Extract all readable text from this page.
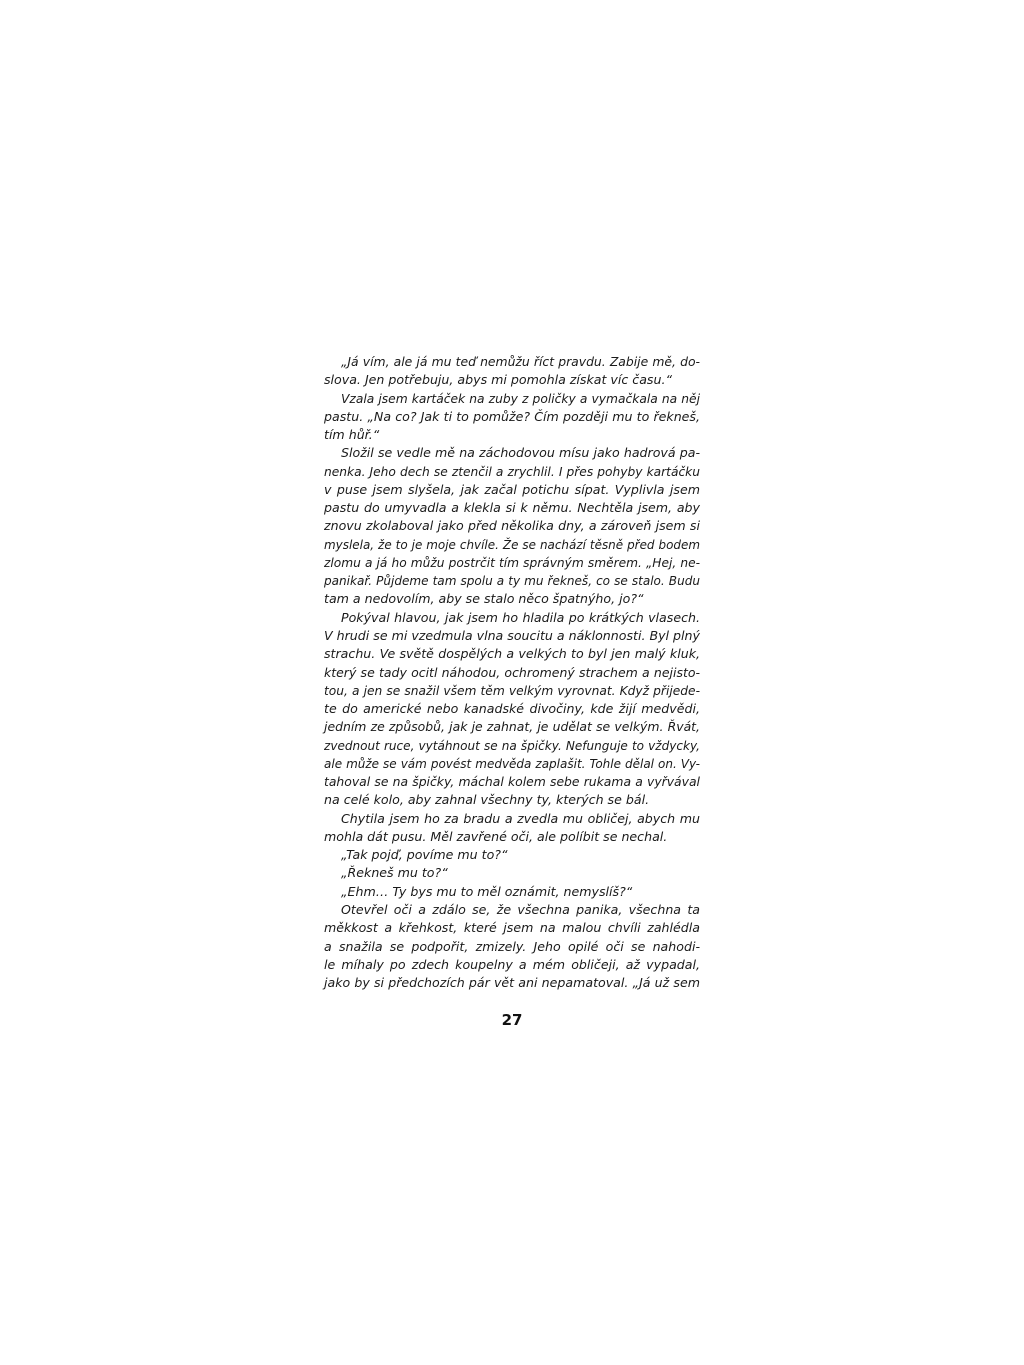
„Já vím, ale já mu teď nemůžu říct pravdu. Zabije mě, do-
slova. Jen potřebuju, abys mi pomohla získat víc času.“
Vzala jsem kartáček na zuby z poličky a vymačkala na něj
pastu. „Na co? Jak ti to pomůže? Čím později mu to řekneš,
tím hůř.“
Složil se vedle mě na záchodovou mísu jako hadrová pa-
nenka. Jeho dech se ztenčil a zrychlil. I přes pohyby kartáčku
v puse jsem slyšela, jak začal potichu sípat. Vyplivla jsem
pastu do umyvadla a klekla si k němu. Nechtěla jsem, aby
znovu zkolaboval jako před několika dny, a zároveň jsem si
myslela, že to je moje chvíle. Že se nachází těsně před bodem
zlomu a já ho můžu postrčit tím správným směrem. „Hej, ne-
panikař. Půjdeme tam spolu a ty mu řekneš, co se stalo. Budu
tam a nedovolím, aby se stalo něco špatnýho, jo?“
Pokýval hlavou, jak jsem ho hladila po krátkých vlasech.
V hrudi se mi vzedmula vlna soucitu a náklonnosti. Byl plný
strachu. Ve světě dospělých a velkých to byl jen malý kluk,
který se tady ocitl náhodou, ochromený strachem a nejisto-
tou, a jen se snažil všem těm velkým vyrovnat. Když přijede-
te do americké nebo kanadské divočiny, kde žijí medvědi,
jedním ze způsobů, jak je zahnat, je udělat se velkým. Řvát,
zvednout ruce, vytáhnout se na špičky. Nefunguje to vždycky,
ale může se vám povést medvěda zaplašit. Tohle dělal on. Vy-
tahoval se na špičky, máchal kolem sebe rukama a vyřvával
na celé kolo, aby zahnal všechny ty, kterých se bál.
Chytila jsem ho za bradu a zvedla mu obličej, abych mu
mohla dát pusu. Měl zavřené oči, ale políbit se nechal.
„Tak pojď, povíme mu to?“
„Řekneš mu to?“
„Ehm… Ty bys mu to měl oznámit, nemyslíš?“
Otevřel oči a zdálo se, že všechna panika, všechna ta
měkkost a křehkost, které jsem na malou chvíli zahlédla
a snažila se podpořit, zmizely. Jeho opilé oči se nahodi-
le míhaly po zdech koupelny a mém obličeji, až vypadal,
jako by si předchozích pár vět ani nepamatoval. „Já už sem
27
